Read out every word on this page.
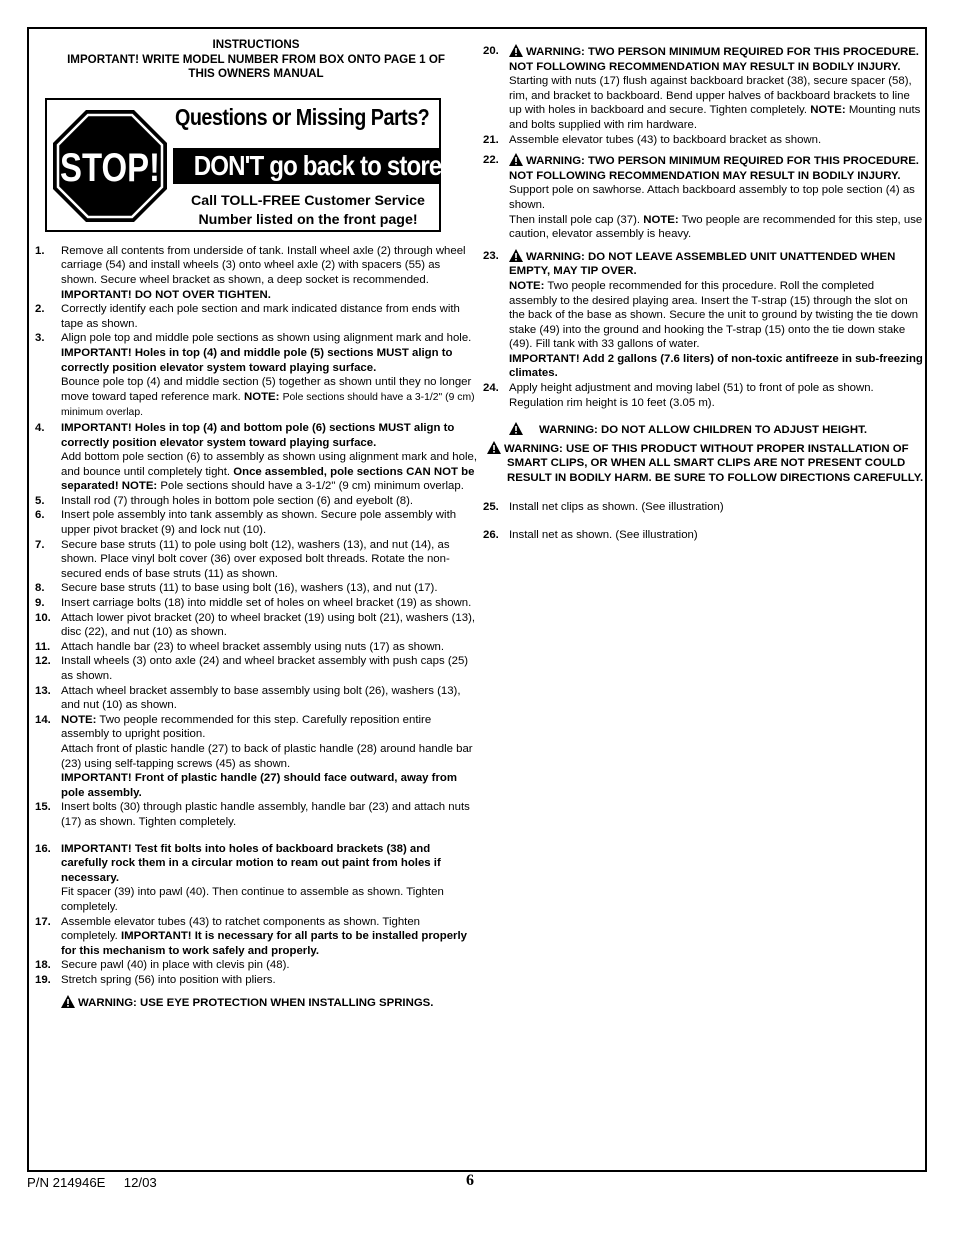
INSTRUCTIONS
IMPORTANT! WRITE MODEL NUMBER FROM BOX ONTO PAGE 1 OF
THIS OWNERS MANUAL
STOP!
Questions or Missing Parts?
DON'T go back to store!
Call TOLL-FREE Customer Service
Number listed on the front page!
1. Remove all contents from underside of tank. Install wheel axle (2) through wheel carriage (54) and install wheels (3) onto wheel axle (2) with spacers (55) as shown. Secure wheel bracket as shown, a deep socket is recommended.
IMPORTANT! DO NOT OVER TIGHTEN.
2. Correctly identify each pole section and mark indicated distance from ends with tape as shown.
3. Align pole top and middle pole sections as shown using alignment mark and hole.
IMPORTANT! Holes in top (4) and middle pole (5) sections MUST align to correctly position elevator system toward playing surface.
Bounce pole top (4) and middle section (5) together as shown until they no longer move toward taped reference mark. NOTE: Pole sections should have a 3-1/2" (9 cm) minimum overlap.
4. IMPORTANT! Holes in top (4) and bottom pole (6) sections MUST align to correctly position elevator system toward playing surface.
Add bottom pole section (6) to assembly as shown using alignment mark and hole, and bounce until completely tight. Once assembled, pole sections CAN NOT be separated! NOTE: Pole sections should have a 3-1/2" (9 cm) minimum overlap.
5. Install rod (7) through holes in bottom pole section (6) and eyebolt (8).
6. Insert pole assembly into tank assembly as shown. Secure pole assembly with upper pivot bracket (9) and lock nut (10).
7. Secure base struts (11) to pole using bolt (12), washers (13), and nut (14), as shown. Place vinyl bolt cover (36) over exposed bolt threads. Rotate the non-secured ends of base struts (11) as shown.
8. Secure base struts (11) to base using bolt (16), washers (13), and nut (17).
9. Insert carriage bolts (18) into middle set of holes on wheel bracket (19) as shown.
10. Attach lower pivot bracket (20) to wheel bracket (19) using bolt (21), washers (13), disc (22), and nut (10) as shown.
11. Attach handle bar (23) to wheel bracket assembly using nuts (17) as shown.
12. Install wheels (3) onto axle (24) and wheel bracket assembly with push caps (25) as shown.
13. Attach wheel bracket assembly to base assembly using bolt (26), washers (13), and nut (10) as shown.
14. NOTE: Two people recommended for this step. Carefully reposition entire assembly to upright position.
Attach front of plastic handle (27) to back of plastic handle (28) around handle bar (23) using self-tapping screws (45) as shown.
IMPORTANT! Front of plastic handle (27) should face outward, away from pole assembly.
15. Insert bolts (30) through plastic handle assembly, handle bar (23) and attach nuts (17) as shown. Tighten completely.
16. IMPORTANT! Test fit bolts into holes of backboard brackets (38) and carefully rock them in a circular motion to ream out paint from holes if necessary.
Fit spacer (39) into pawl (40). Then continue to assemble as shown. Tighten completely.
17. Assemble elevator tubes (43) to ratchet components as shown. Tighten completely. IMPORTANT! It is necessary for all parts to be installed properly for this mechanism to work safely and properly.
18. Secure pawl (40) in place with clevis pin (48).
19. Stretch spring (56) into position with pliers.
WARNING: USE EYE PROTECTION WHEN INSTALLING SPRINGS.
20. WARNING: TWO PERSON MINIMUM REQUIRED FOR THIS PROCEDURE. NOT FOLLOWING RECOMMENDATION MAY RESULT IN BODILY INJURY.
Starting with nuts (17) flush against backboard bracket (38), secure spacer (58), rim, and bracket to backboard. Bend upper halves of backboard brackets to line up with holes in backboard and secure. Tighten completely. NOTE: Mounting nuts and bolts supplied with rim hardware.
21. Assemble elevator tubes (43) to backboard bracket as shown.
22. WARNING: TWO PERSON MINIMUM REQUIRED FOR THIS PROCEDURE. NOT FOLLOWING RECOMMENDATION MAY RESULT IN BODILY INJURY.
Support pole on sawhorse. Attach backboard assembly to top pole section (4) as shown.
Then install pole cap (37). NOTE: Two people are recommended for this step, use caution, elevator assembly is heavy.
23. WARNING: DO NOT LEAVE ASSEMBLED UNIT UNATTENDED WHEN EMPTY, MAY TIP OVER.
NOTE: Two people recommended for this procedure. Roll the completed assembly to the desired playing area. Insert the T-strap (15) through the slot on the back of the base as shown. Secure the unit to ground by twisting the tie down stake (49) into the ground and hooking the T-strap (15) onto the tie down stake (49). Fill tank with 33 gallons of water.
IMPORTANT! Add 2 gallons (7.6 liters) of non-toxic antifreeze in sub-freezing climates.
24. Apply height adjustment and moving label (51) to front of pole as shown. Regulation rim height is 10 feet (3.05 m).
WARNING: DO NOT ALLOW CHILDREN TO ADJUST HEIGHT.
WARNING: USE OF THIS PRODUCT WITHOUT PROPER INSTALLATION OF SMART CLIPS, OR WHEN ALL SMART CLIPS ARE NOT PRESENT COULD RESULT IN BODILY HARM. BE SURE TO FOLLOW DIRECTIONS CAREFULLY.
25. Install net clips as shown. (See illustration)
26. Install net as shown. (See illustration)
P/N 214946E     12/03	6
